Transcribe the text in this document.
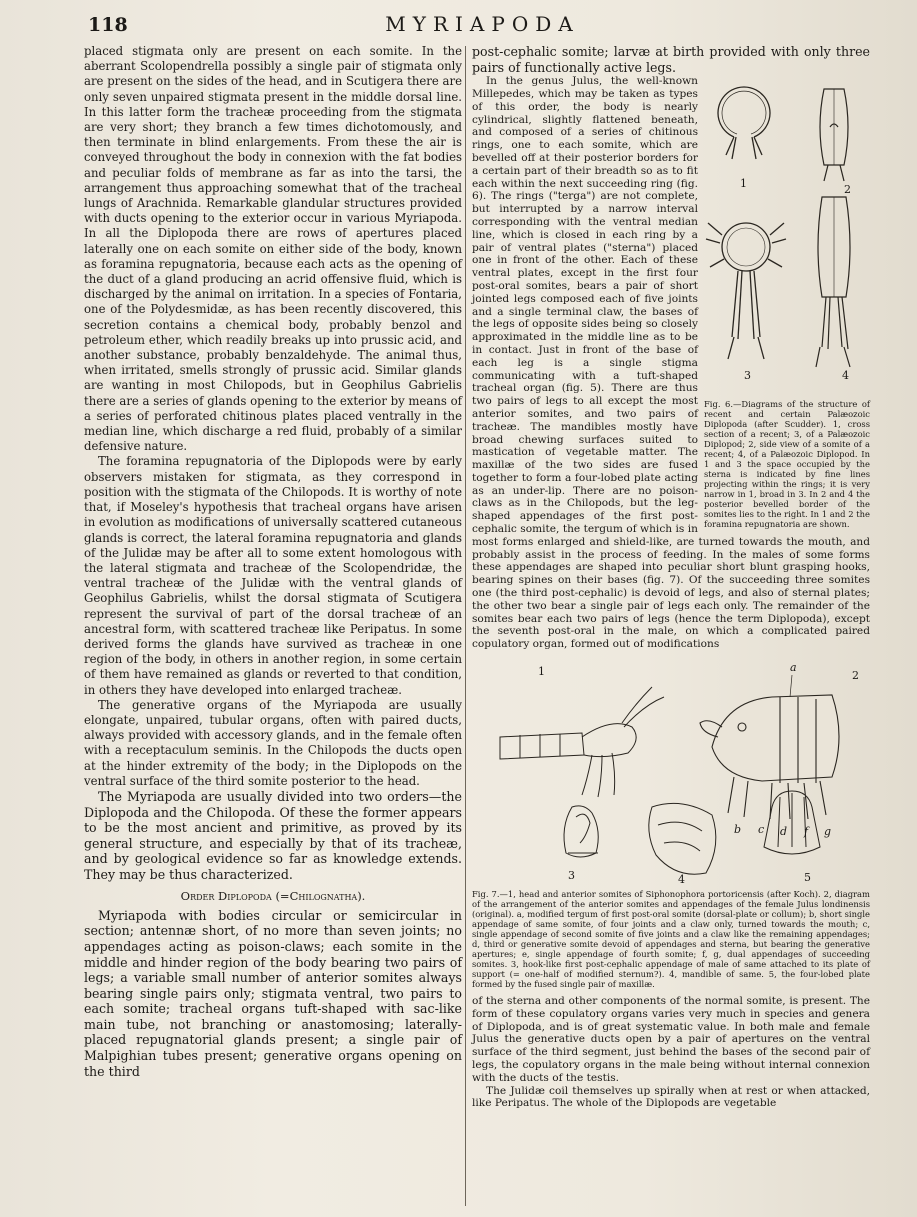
118	MYRIAPODA

placed stigmata only are present on each somite. In the aberrant Scolopendrella possibly a single pair of stigmata only are present on the sides of the head, and in Scutigera there are only seven unpaired stigmata present in the middle dorsal line. In this latter form the tracheæ proceeding from the stigmata are very short; they branch a few times dichotomously, and then terminate in blind enlargements. From these the air is conveyed throughout the body in connexion with the fat bodies and peculiar folds of membrane as far as into the tarsi, the arrangement thus approaching somewhat that of the tracheal lungs of Arachnida. Remarkable glandular structures provided with ducts opening to the exterior occur in various Myriapoda. In all the Diplopoda there are rows of apertures placed laterally one on each somite on either side of the body, known as foramina repugnatoria, because each acts as the opening of the duct of a gland producing an acrid offensive fluid, which is discharged by the animal on irritation. In a species of Fontaria, one of the Polydesmidæ, as has been recently discovered, this secretion contains a chemical body, probably benzol and petroleum ether, which readily breaks up into prussic acid, and another substance, probably benzaldehyde. The animal thus, when irritated, smells strongly of prussic acid. Similar glands are wanting in most Chilopods, but in Geophilus Gabrielis there are a series of glands opening to the exterior by means of a series of perforated chitinous plates placed ventrally in the median line, which discharge a red fluid, probably of a similar defensive nature.

The foramina repugnatoria of the Diplopods were by early observers mistaken for stigmata, as they correspond in position with the stigmata of the Chilopods. It is worthy of note that, if Moseley's hypothesis that tracheal organs have arisen in evolution as modifications of universally scattered cutaneous glands is correct, the lateral foramina repugnatoria and glands of the Julidæ may be after all to some extent homologous with the lateral stigmata and tracheæ of the Scolopendridæ, the ventral tracheæ of the Julidæ with the ventral glands of Geophilus Gabrielis, whilst the dorsal stigmata of Scutigera represent the survival of part of the dorsal tracheæ of an ancestral form, with scattered tracheæ like Peripatus. In some derived forms the glands have survived as tracheæ in one region of the body, in others in another region, in some certain of them have remained as glands or reverted to that condition, in others they have developed into enlarged tracheæ.

The generative organs of the Myriapoda are usually elongate, unpaired, tubular organs, often with paired ducts, always provided with accessory glands, and in the female often with a receptaculum seminis. In the Chilopods the ducts open at the hinder extremity of the body; in the Diplopods on the ventral surface of the third somite posterior to the head.

The Myriapoda are usually divided into two orders—the Diplopoda and the Chilopoda. Of these the former appears to be the most ancient and primitive, as proved by its general structure, and especially by that of its tracheæ, and by geological evidence so far as knowledge extends. They may be thus characterized.

Order Diplopoda (=Chilognatha).

Myriapoda with bodies circular or semicircular in section; antennæ short, of no more than seven joints; no appendages acting as poison-claws; each somite in the middle and hinder region of the body bearing two pairs of legs; a variable small number of anterior somites always bearing single pairs only; stigmata ventral, two pairs to each somite; tracheal organs tuft-shaped with sac-like main tube, not branching or anastomosing; laterally-placed repugnatorial glands present; a single pair of Malpighian tubes present; generative organs opening on the third

post-cephalic somite; larvæ at birth provided with only three pairs of functionally active legs.

1	2
3	4
Fig. 6.—Diagrams of the structure of recent and certain Palæozoic Diplopoda (after Scudder). 1, cross section of a recent; 3, of a Palæozoic Diplopod; 2, side view of a somite of a recent; 4, of a Palæozoic Diplopod. In 1 and 3 the space occupied by the sterna is indicated by fine lines projecting within the rings; it is very narrow in 1, broad in 3. In 2 and 4 the posterior bevelled border of the somites lies to the right. In 1 and 2 the foramina repugnatoria are shown.

In the genus Julus, the well-known Millepedes, which may be taken as types of this order, the body is nearly cylindrical, slightly flattened beneath, and composed of a series of chitinous rings, one to each somite, which are bevelled off at their posterior borders for a certain part of their breadth so as to fit each within the next succeeding ring (fig. 6). The rings ("terga") are not complete, but interrupted by a narrow interval corresponding with the ventral median line, which is closed in each ring by a pair of ventral plates ("sterna") placed one in front of the other. Each of these ventral plates, except in the first four post-oral somites, bears a pair of short jointed legs composed each of five joints and a single terminal claw, the bases of the legs of opposite sides being so closely approximated in the middle line as to be in contact. Just in front of the base of each leg is a single stigma communicating with a tuft-shaped tracheal organ (fig. 5). There are thus two pairs of legs to all except the most anterior somites, and two pairs of tracheæ. The mandibles mostly have broad chewing surfaces suited to mastication of vegetable matter. The maxillæ of the two sides are fused together to form a four-lobed plate acting as an under-lip. There are no poison-claws as in the Chilopods, but the leg-shaped appendages of the first post-cephalic somite, the tergum of which is in most forms enlarged and shield-like, are turned towards the mouth, and probably assist in the process of feeding. In the males of some forms these appendages are shaped into peculiar short blunt grasping hooks, bearing spines on their bases (fig. 7). Of the succeeding three somites one (the third post-cephalic) is devoid of legs, and also of sternal plates; the other two bear a single pair of legs each only. The remainder of the somites bear each two pairs of legs (hence the term Diplopoda), except the seventh post-oral in the male, on which a complicated paired copulatory organ, formed out of modifications

1	a
2
b c d f g
3	4	5
Fig. 7.—1, head and anterior somites of Siphonophora portoricensis (after Koch). 2, diagram of the arrangement of the anterior somites and appendages of the female Julus londinensis (original). a, modified tergum of first post-oral somite (dorsal-plate or collum); b, short single appendage of same somite, of four joints and a claw only, turned towards the mouth; c, single appendage of second somite of five joints and a claw like the remaining appendages; d, third or generative somite devoid of appendages and sterna, but bearing the generative apertures; e, single appendage of fourth somite; f, g, dual appendages of succeeding somites. 3, hook-like first post-cephalic appendage of male of same attached to its plate of support (= one-half of modified sternum?). 4, mandible of same. 5, the four-lobed plate formed by the fused single pair of maxillæ.

of the sterna and other components of the normal somite, is present. The form of these copulatory organs varies very much in species and genera of Diplopoda, and is of great systematic value. In both male and female Julus the generative ducts open by a pair of apertures on the ventral surface of the third segment, just behind the bases of the second pair of legs, the copulatory organs in the male being without internal connexion with the ducts of the testis.

The Julidæ coil themselves up spirally when at rest or when attacked, like Peripatus. The whole of the Diplopods are vegetable
